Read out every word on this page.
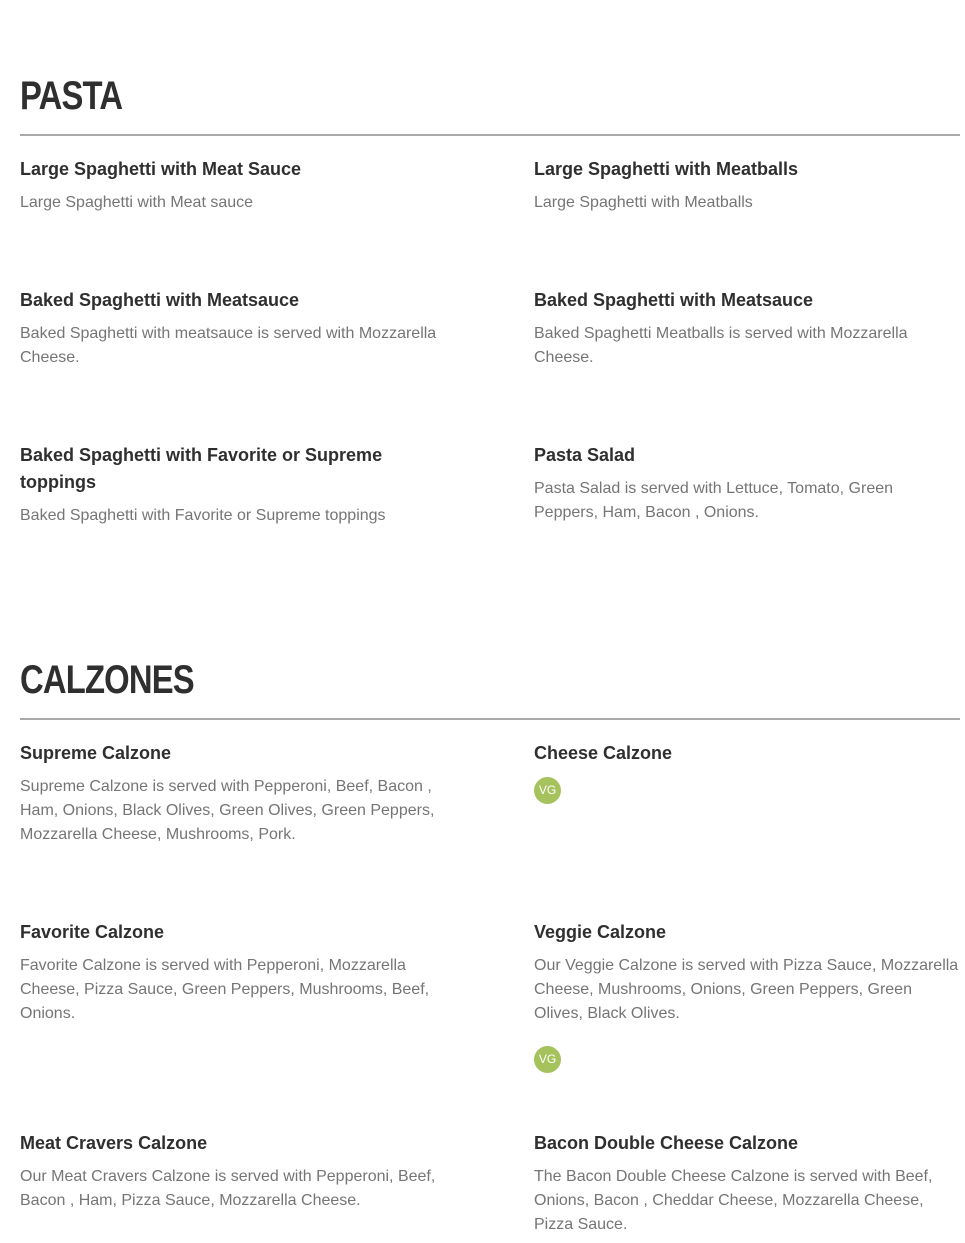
PASTA
Large Spaghetti with Meat Sauce
Large Spaghetti with Meat sauce
Large Spaghetti with Meatballs
Large Spaghetti with Meatballs
Baked Spaghetti with Meatsauce
Baked Spaghetti with meatsauce is served with Mozzarella Cheese.
Baked Spaghetti with Meatsauce
Baked Spaghetti Meatballs is served with Mozzarella Cheese.
Baked Spaghetti with Favorite or Supreme toppings
Baked Spaghetti with Favorite or Supreme toppings
Pasta Salad
Pasta Salad is served with Lettuce, Tomato, Green Peppers, Ham, Bacon , Onions.
CALZONES
Supreme Calzone
Supreme Calzone is served with Pepperoni, Beef, Bacon , Ham, Onions, Black Olives, Green Olives, Green Peppers, Mozzarella Cheese, Mushrooms, Pork.
Cheese Calzone
VG
Favorite Calzone
Favorite Calzone is served with Pepperoni, Mozzarella Cheese, Pizza Sauce, Green Peppers, Mushrooms, Beef, Onions.
Veggie Calzone
Our Veggie Calzone is served with Pizza Sauce, Mozzarella Cheese, Mushrooms, Onions, Green Peppers, Green Olives, Black Olives.
VG
Meat Cravers Calzone
Our Meat Cravers Calzone is served with Pepperoni, Beef, Bacon , Ham, Pizza Sauce, Mozzarella Cheese.
Bacon Double Cheese Calzone
The Bacon Double Cheese Calzone is served with Beef, Onions, Bacon , Cheddar Cheese, Mozzarella Cheese, Pizza Sauce.
